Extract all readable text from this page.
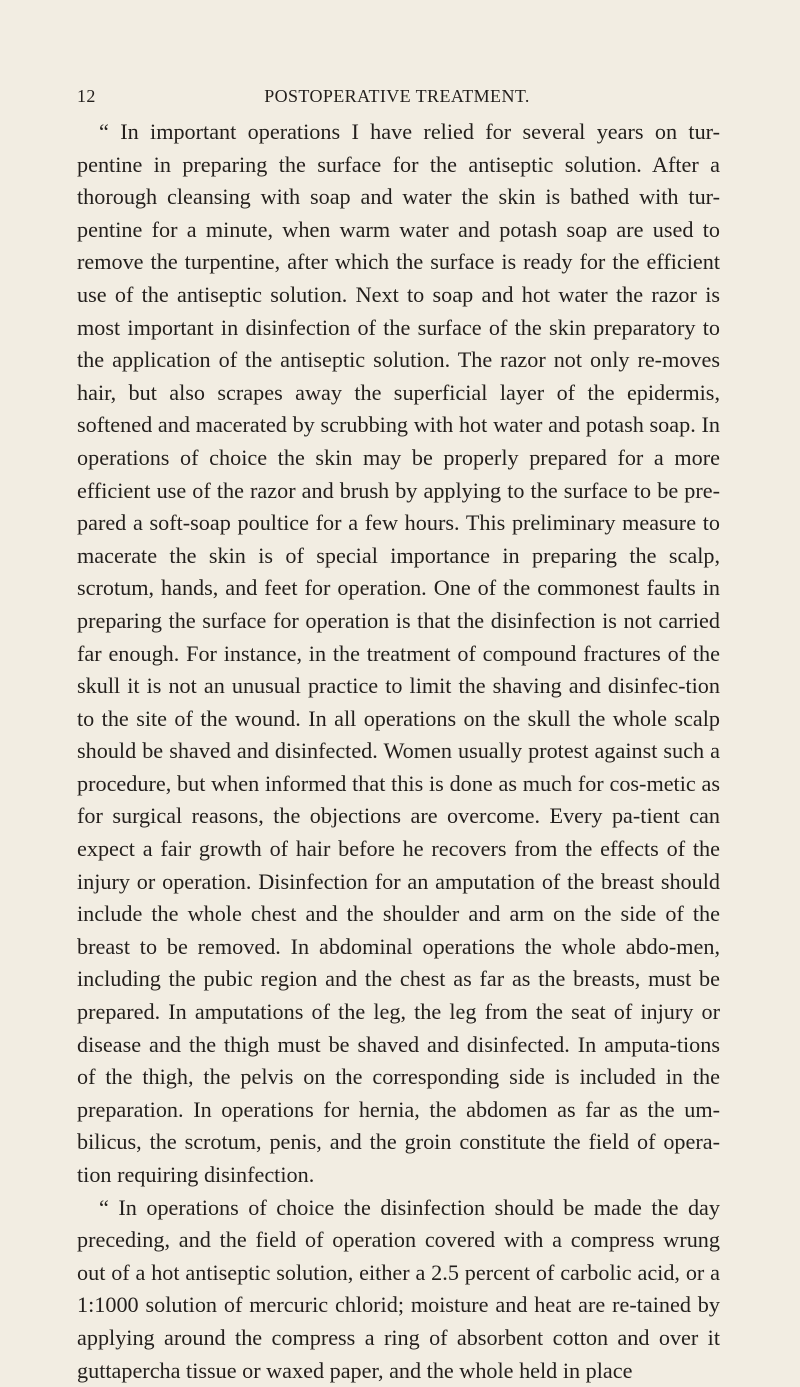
12	POSTOPERATIVE TREATMENT.

“ In important operations I have relied for several years on tur-pentine in preparing the surface for the antiseptic solution. After a thorough cleansing with soap and water the skin is bathed with tur-pentine for a minute, when warm water and potash soap are used to remove the turpentine, after which the surface is ready for the efficient use of the antiseptic solution. Next to soap and hot water the razor is most important in disinfection of the surface of the skin preparatory to the application of the antiseptic solution. The razor not only re-moves hair, but also scrapes away the superficial layer of the epidermis, softened and macerated by scrubbing with hot water and potash soap. In operations of choice the skin may be properly prepared for a more efficient use of the razor and brush by applying to the surface to be pre-pared a soft-soap poultice for a few hours. This preliminary measure to macerate the skin is of special importance in preparing the scalp, scrotum, hands, and feet for operation. One of the commonest faults in preparing the surface for operation is that the disinfection is not carried far enough. For instance, in the treatment of compound fractures of the skull it is not an unusual practice to limit the shaving and disinfec-tion to the site of the wound. In all operations on the skull the whole scalp should be shaved and disinfected. Women usually protest against such a procedure, but when informed that this is done as much for cos-metic as for surgical reasons, the objections are overcome. Every pa-tient can expect a fair growth of hair before he recovers from the effects of the injury or operation. Disinfection for an amputation of the breast should include the whole chest and the shoulder and arm on the side of the breast to be removed. In abdominal operations the whole abdo-men, including the pubic region and the chest as far as the breasts, must be prepared. In amputations of the leg, the leg from the seat of injury or disease and the thigh must be shaved and disinfected. In amputa-tions of the thigh, the pelvis on the corresponding side is included in the preparation. In operations for hernia, the abdomen as far as the um-bilicus, the scrotum, penis, and the groin constitute the field of opera-tion requiring disinfection.

“ In operations of choice the disinfection should be made the day preceding, and the field of operation covered with a compress wrung out of a hot antiseptic solution, either a 2.5 percent of carbolic acid, or a 1:1000 solution of mercuric chlorid; moisture and heat are re-tained by applying around the compress a ring of absorbent cotton and over it guttapercha tissue or waxed paper, and the whole held in place
